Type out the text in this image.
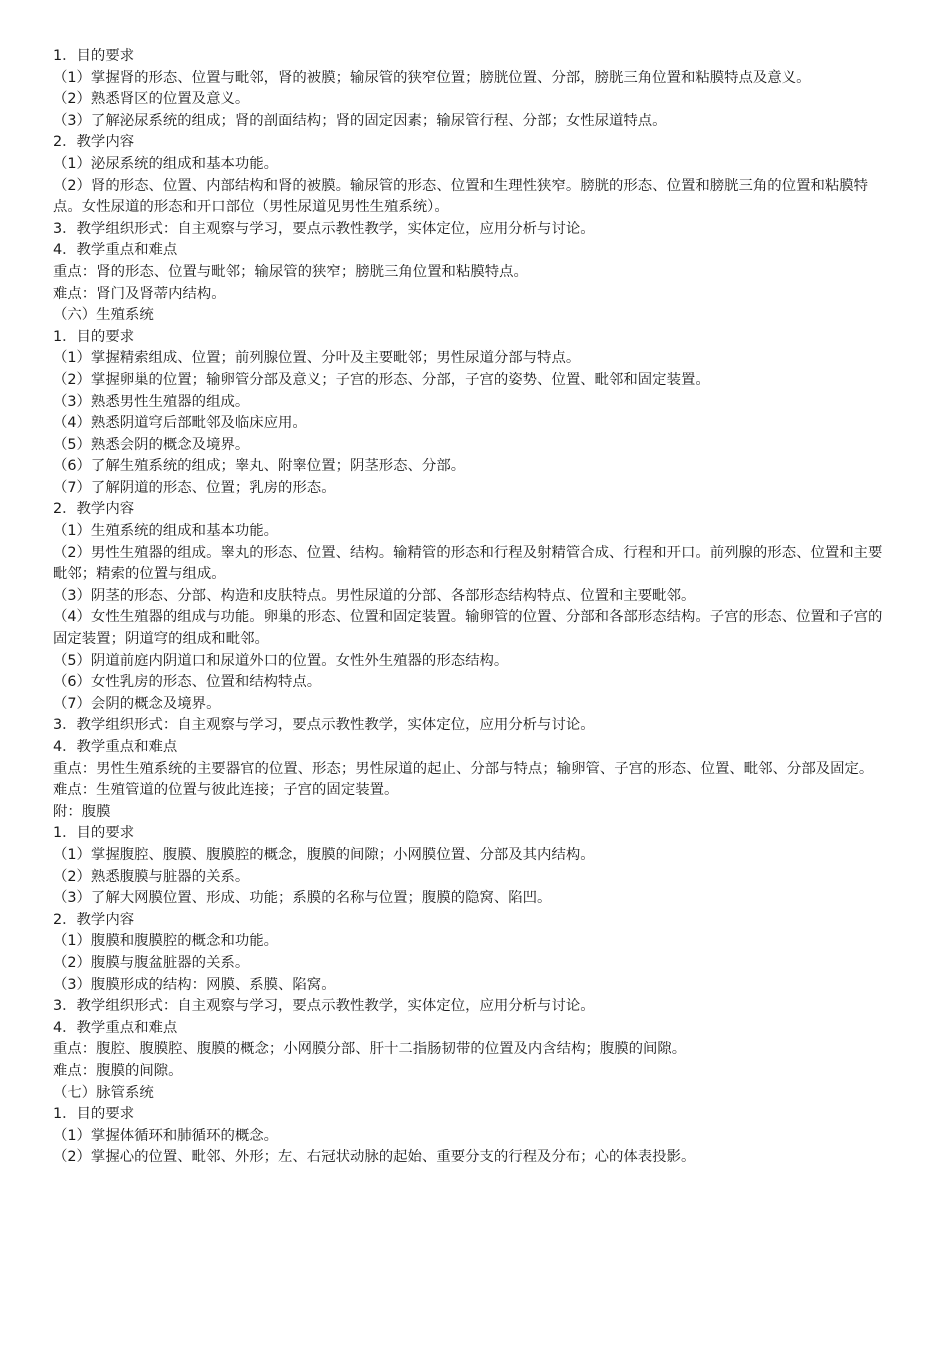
1．目的要求

（1）掌握肾的形态、位置与毗邻，肾的被膜；输尿管的狭窄位置；膀胱位置、分部，膀胱三角位置和粘膜特点及意义。

（2）熟悉肾区的位置及意义。

（3）了解泌尿系统的组成；肾的剖面结构；肾的固定因素；输尿管行程、分部；女性尿道特点。

2．教学内容

（1）泌尿系统的组成和基本功能。

（2）肾的形态、位置、内部结构和肾的被膜。输尿管的形态、位置和生理性狭窄。膀胱的形态、位置和膀胱三角的位置和粘膜特点。女性尿道的形态和开口部位（男性尿道见男性生殖系统）。

3．教学组织形式：自主观察与学习，要点示教性教学，实体定位，应用分析与讨论。

4．教学重点和难点

重点：肾的形态、位置与毗邻；输尿管的狭窄；膀胱三角位置和粘膜特点。

难点：肾门及肾蒂内结构。

（六）生殖系统

1．目的要求

（1）掌握精索组成、位置；前列腺位置、分叶及主要毗邻；男性尿道分部与特点。

（2）掌握卵巢的位置；输卵管分部及意义；子宫的形态、分部，子宫的姿势、位置、毗邻和固定装置。

（3）熟悉男性生殖器的组成。

（4）熟悉阴道穹后部毗邻及临床应用。

（5）熟悉会阴的概念及境界。

（6）了解生殖系统的组成；睾丸、附睾位置；阴茎形态、分部。

（7）了解阴道的形态、位置；乳房的形态。

2．教学内容

（1）生殖系统的组成和基本功能。

（2）男性生殖器的组成。睾丸的形态、位置、结构。输精管的形态和行程及射精管合成、行程和开口。前列腺的形态、位置和主要毗邻；精索的位置与组成。

（3）阴茎的形态、分部、构造和皮肤特点。男性尿道的分部、各部形态结构特点、位置和主要毗邻。

（4）女性生殖器的组成与功能。卵巢的形态、位置和固定装置。输卵管的位置、分部和各部形态结构。子宫的形态、位置和子宫的固定装置；阴道穹的组成和毗邻。

（5）阴道前庭内阴道口和尿道外口的位置。女性外生殖器的形态结构。

（6）女性乳房的形态、位置和结构特点。

（7）会阴的概念及境界。

3．教学组织形式：自主观察与学习，要点示教性教学，实体定位，应用分析与讨论。

4．教学重点和难点

重点：男性生殖系统的主要器官的位置、形态；男性尿道的起止、分部与特点；输卵管、子宫的形态、位置、毗邻、分部及固定。

难点：生殖管道的位置与彼此连接；子宫的固定装置。

附：腹膜

1．目的要求

（1）掌握腹腔、腹膜、腹膜腔的概念，腹膜的间隙；小网膜位置、分部及其内结构。

（2）熟悉腹膜与脏器的关系。

（3）了解大网膜位置、形成、功能；系膜的名称与位置；腹膜的隐窝、陷凹。

2．教学内容

（1）腹膜和腹膜腔的概念和功能。

（2）腹膜与腹盆脏器的关系。

（3）腹膜形成的结构：网膜、系膜、陷窝。

3．教学组织形式：自主观察与学习，要点示教性教学，实体定位，应用分析与讨论。

4．教学重点和难点

重点：腹腔、腹膜腔、腹膜的概念；小网膜分部、肝十二指肠韧带的位置及内含结构；腹膜的间隙。

难点：腹膜的间隙。

（七）脉管系统

1．目的要求

（1）掌握体循环和肺循环的概念。

（2）掌握心的位置、毗邻、外形；左、右冠状动脉的起始、重要分支的行程及分布；心的体表投影。
